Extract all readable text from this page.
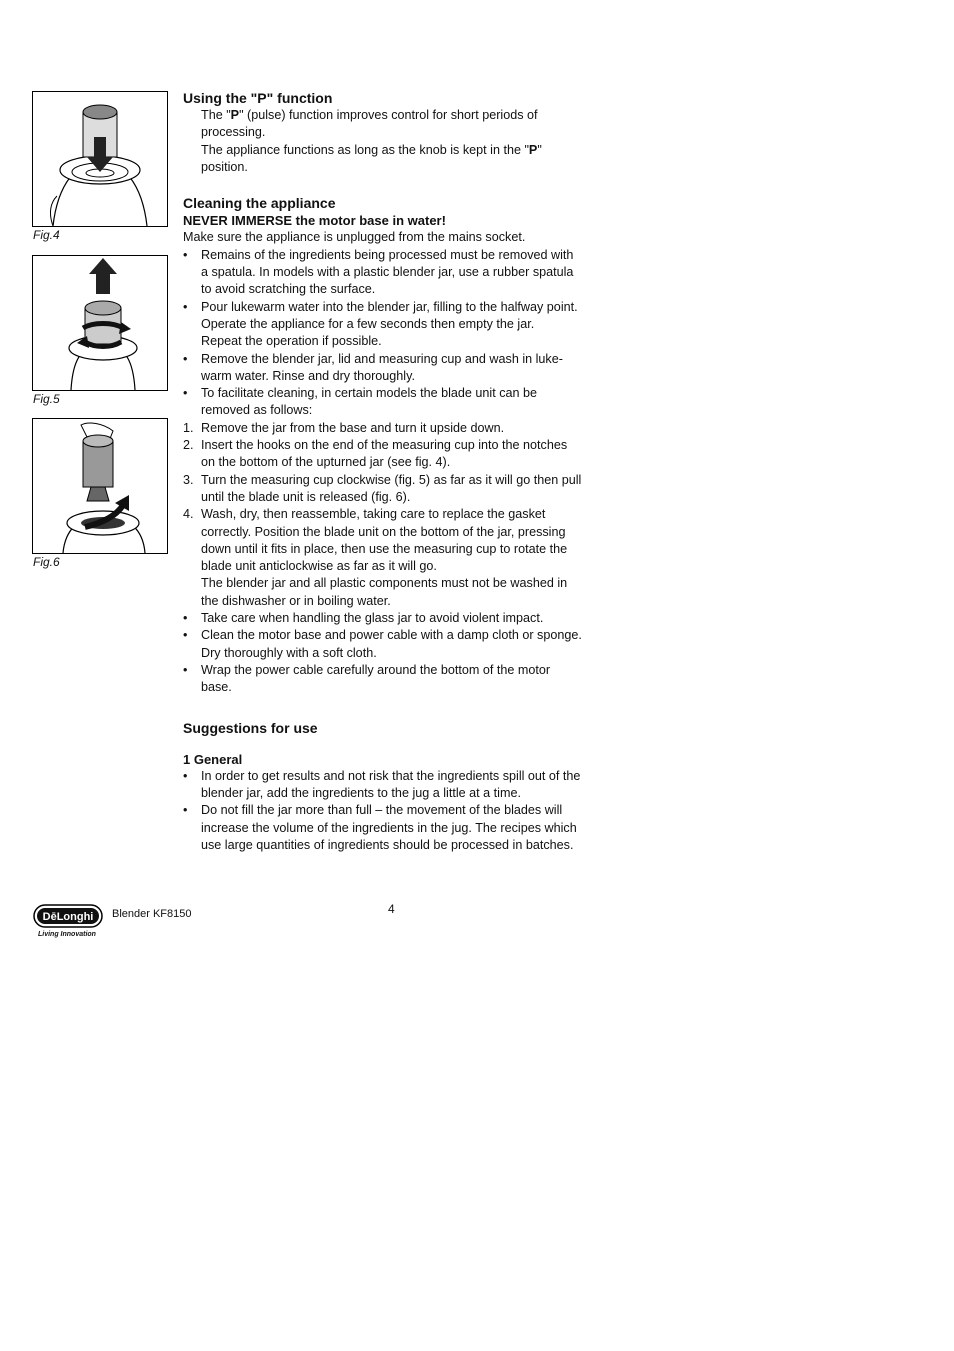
Fig.4
Fig.5
Fig.6
Using the "P" function
The "P" (pulse) function improves control for short periods of processing.
The appliance functions as long as the knob is kept in the "P" position.
Cleaning the appliance
NEVER IMMERSE the motor base in water!
Make sure the appliance is unplugged from the mains socket.
• Remains of the ingredients being processed must be removed with a spatula. In models with a plastic blender jar, use a rubber spatula to avoid scratching the surface.
• Pour lukewarm water into the blender jar, filling to the halfway point. Operate the appliance for a few seconds then empty the jar.
Repeat the operation if possible.
• Remove the blender jar, lid and measuring cup and wash in luke-warm water. Rinse and dry thoroughly.
• To facilitate cleaning, in certain models the blade unit can be removed as follows:
1. Remove the jar from the base and turn it upside down.
2. Insert the hooks on the end of the measuring cup into the notches on the bottom of the upturned jar (see fig. 4).
3. Turn the measuring cup clockwise (fig. 5) as far as it will go then pull until the blade unit is released (fig. 6).
4. Wash, dry, then reassemble, taking care to replace the gasket correctly. Position the blade unit on the bottom of the jar, pressing down until it fits in place, then use the measuring cup to rotate the blade unit anticlockwise as far as it will go.
The blender jar and all plastic components must not be washed in the dishwasher or in boiling water.
• Take care when handling the glass jar to avoid violent impact.
• Clean the motor base and power cable with a damp cloth or sponge.
Dry thoroughly with a soft cloth.
• Wrap the power cable carefully around the bottom of the motor base.
Suggestions for use
1 General
• In order to get results and not risk that the ingredients spill out of the blender jar, add the ingredients to the jug a little at a time.
• Do not fill the jar more than full – the movement of the blades will increase the volume of the ingredients in the jug. The recipes which use large quantities of ingredients should be processed in batches.
DēLonghi
Living Innovation
Blender KF8150	4
